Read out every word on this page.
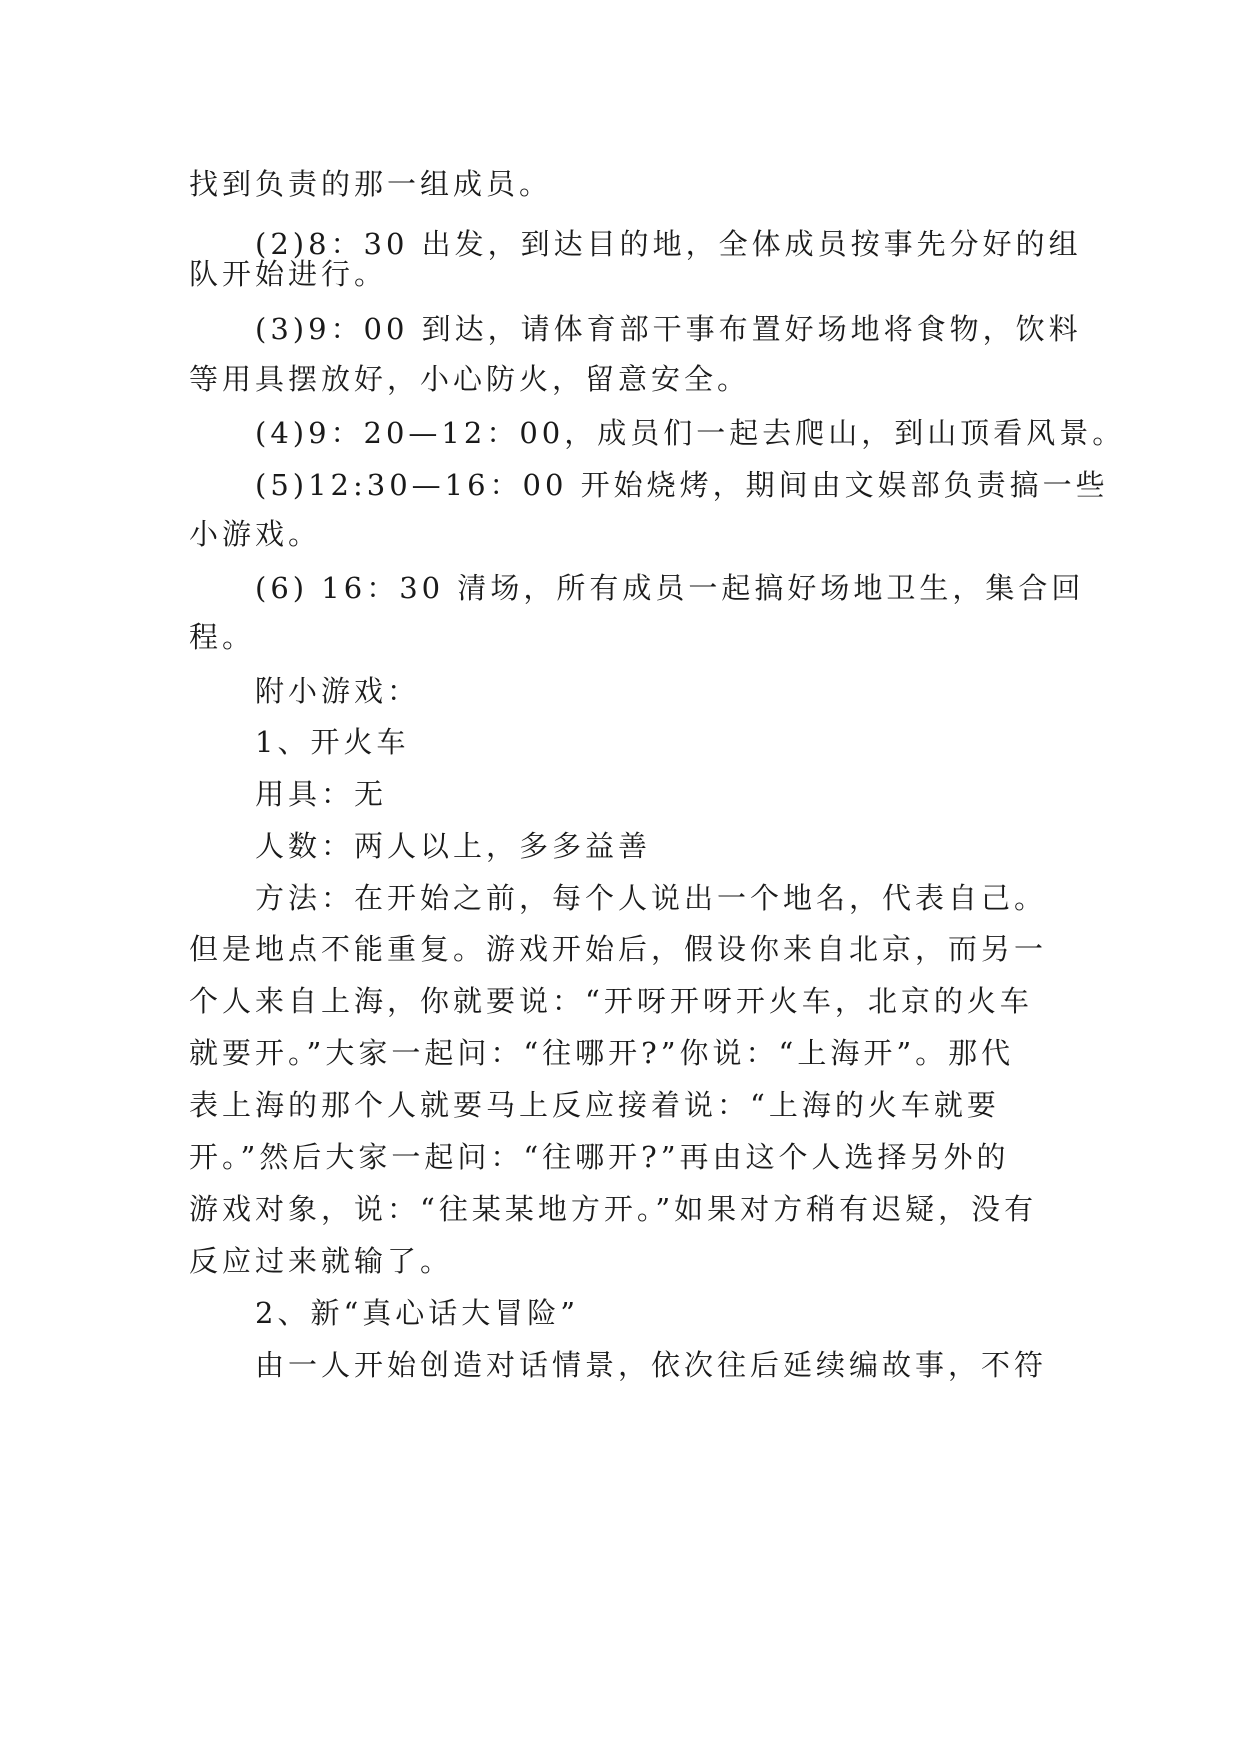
找到负责的那一组成员。
(2)8：30 出发，到达目的地，全体成员按事先分好的组
队开始进行。
(3)9：00 到达，请体育部干事布置好场地将食物，饮料
等用具摆放好，小心防火，留意安全。
(4)9：20—12：00，成员们一起去爬山，到山顶看风景。
(5)12:30—16：00 开始烧烤，期间由文娱部负责搞一些
小游戏。
(6) 16：30 清场，所有成员一起搞好场地卫生，集合回
程。
附小游戏：
1、开火车
用具：无
人数：两人以上，多多益善
方法：在开始之前，每个人说出一个地名，代表自己。
但是地点不能重复。游戏开始后，假设你来自北京，而另一
个人来自上海，你就要说：“开呀开呀开火车，北京的火车
就要开。”大家一起问：“往哪开?”你说：“上海开”。那代
表上海的那个人就要马上反应接着说：“上海的火车就要
开。”然后大家一起问：“往哪开?”再由这个人选择另外的
游戏对象，说：“往某某地方开。”如果对方稍有迟疑，没有
反应过来就输了。
2、新“真心话大冒险”
由一人开始创造对话情景，依次往后延续编故事，不符
